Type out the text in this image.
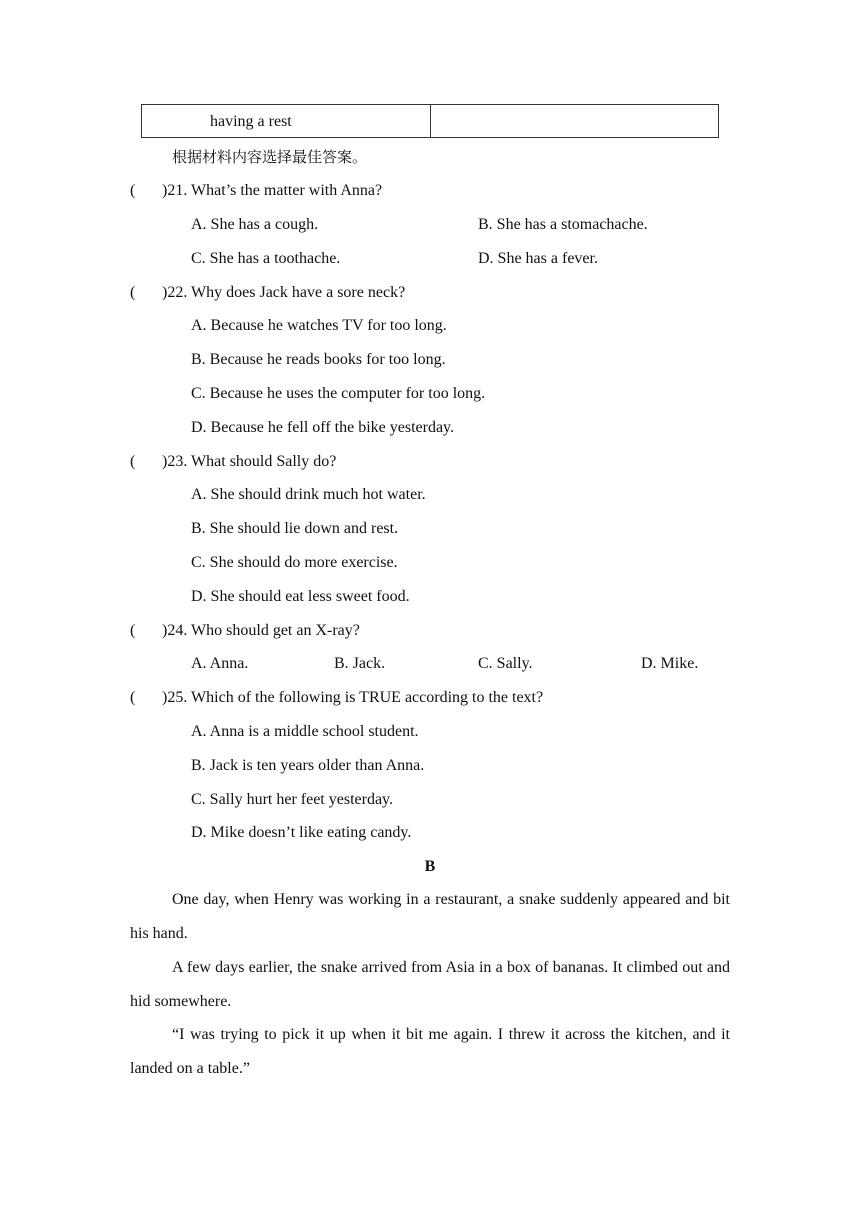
having a rest
根据材料内容选择最佳答案。
( )21. What’s the matter with Anna?
A. She has a cough.	B. She has a stomachache.
C. She has a toothache.	D. She has a fever.
( )22. Why does Jack have a sore neck?
A. Because he watches TV for too long.
B. Because he reads books for too long.
C. Because he uses the computer for too long.
D. Because he fell off the bike yesterday.
( )23. What should Sally do?
A. She should drink much hot water.
B. She should lie down and rest.
C. She should do more exercise.
D. She should eat less sweet food.
( )24. Who should get an X-ray?
A. Anna.	B. Jack.	C. Sally.	D. Mike.
( )25. Which of the following is TRUE according to the text?
A. Anna is a middle school student.
B. Jack is ten years older than Anna.
C. Sally hurt her feet yesterday.
D. Mike doesn’t like eating candy.
B
One day, when Henry was working in a restaurant, a snake suddenly appeared and bit his hand.
A few days earlier, the snake arrived from Asia in a box of bananas. It climbed out and hid somewhere.
“I was trying to pick it up when it bit me again. I threw it across the kitchen, and it landed on a table.”
